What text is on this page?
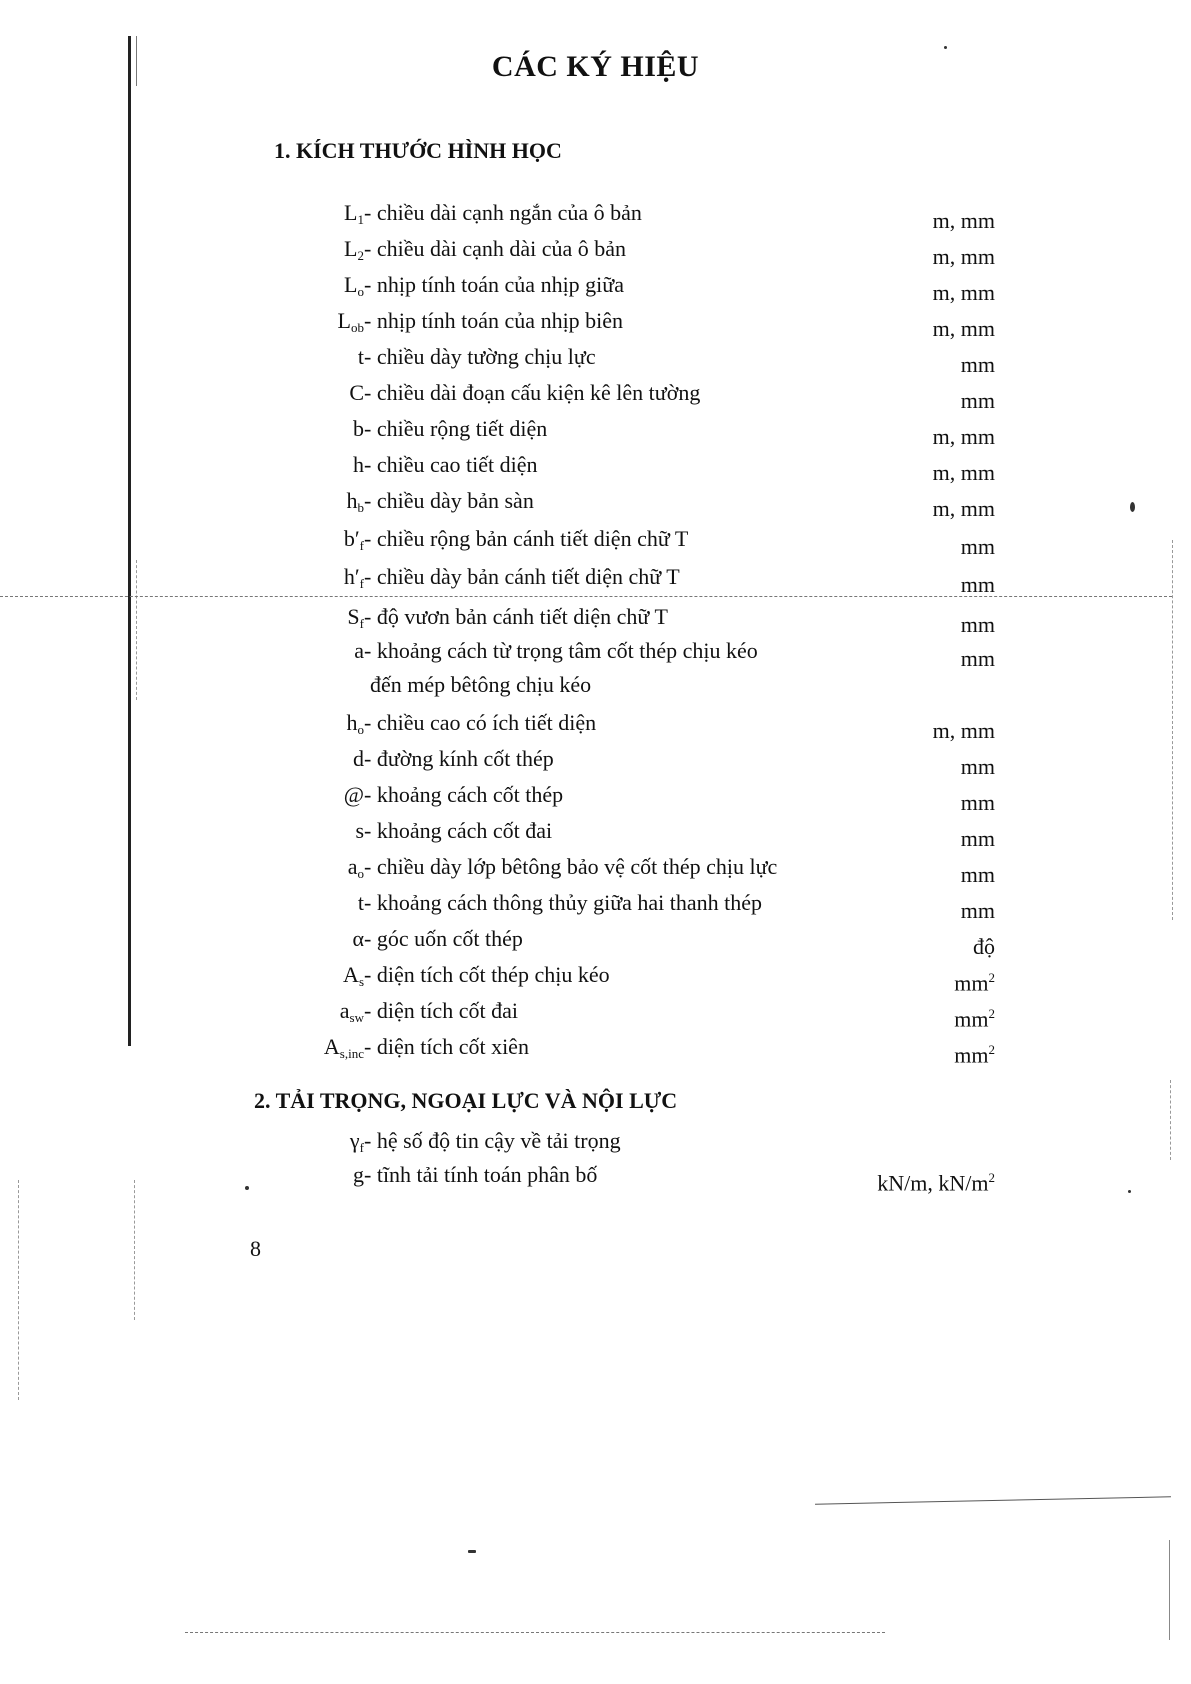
CÁC KÝ HIỆU
1. KÍCH THƯỚC HÌNH HỌC
$L_1$ - chiều dài cạnh ngắn của ô bản	m, mm
$L_2$ - chiều dài cạnh dài của ô bản	m, mm
$L_o$ - nhịp tính toán của nhịp giữa	m, mm
$L_{ob}$ - nhịp tính toán của nhịp biên	m, mm
t - chiều dày tường chịu lực	mm
C - chiều dài đoạn cấu kiện kê lên tường	mm
b - chiều rộng tiết diện	m, mm
h - chiều cao tiết diện	m, mm
$h_b$ - chiều dày bản sàn	m, mm
$b'_f$ - chiều rộng bản cánh tiết diện chữ T	mm
$h'_f$ - chiều dày bản cánh tiết diện chữ T	mm
$S_f$ - độ vươn bản cánh tiết diện chữ T	mm
a - khoảng cách từ trọng tâm cốt thép chịu kéo	mm
đến mép bêtông chịu kéo
$h_o$ - chiều cao có ích tiết diện	m, mm
d - đường kính cốt thép	mm
@ - khoảng cách cốt thép	mm
s - khoảng cách cốt đai	mm
$a_o$ - chiều dày lớp bêtông bảo vệ cốt thép chịu lực	mm
t - khoảng cách thông thủy giữa hai thanh thép	mm
α - góc uốn cốt thép	độ
$A_s$ - diện tích cốt thép chịu kéo	$mm^2$
$a_{sw}$ - diện tích cốt đai	$mm^2$
$A_{s,inc}$ - diện tích cốt xiên	$mm^2$
2. TẢI TRỌNG, NGOẠI LỰC VÀ NỘI LỰC
$\gamma_f$ - hệ số độ tin cậy về tải trọng
g - tĩnh tải tính toán phân bố	kN/m, $kN/m^2$
8
